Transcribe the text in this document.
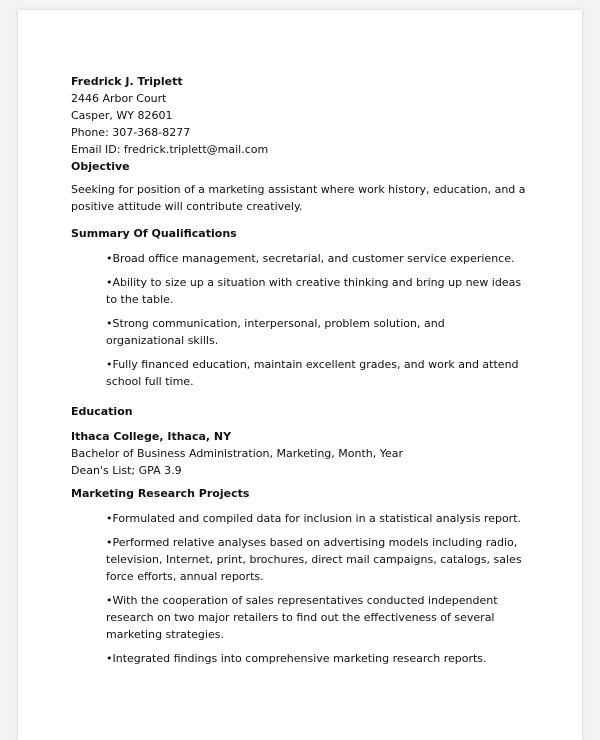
Fredrick J. Triplett
2446 Arbor Court
Casper, WY 82601
Phone: 307-368-8277
Email ID: fredrick.triplett@mail.com
Objective

Seeking for position of a marketing assistant where work history, education, and a positive attitude will contribute creatively.

Summary Of Qualifications
•Broad office management, secretarial, and customer service experience.
•Ability to size up a situation with creative thinking and bring up new ideas to the table.
•Strong communication, interpersonal, problem solution, and organizational skills.
•Fully financed education, maintain excellent grades, and work and attend school full time.
Education
Ithaca College, Ithaca, NY
Bachelor of Business Administration, Marketing, Month, Year
Dean's List; GPA 3.9
Marketing Research Projects
•Formulated and compiled data for inclusion in a statistical analysis report.
•Performed relative analyses based on advertising models including radio, television, Internet, print, brochures, direct mail campaigns, catalogs, sales force efforts, annual reports.
•With the cooperation of sales representatives conducted independent research on two major retailers to find out the effectiveness of several marketing strategies.
•Integrated findings into comprehensive marketing research reports.
